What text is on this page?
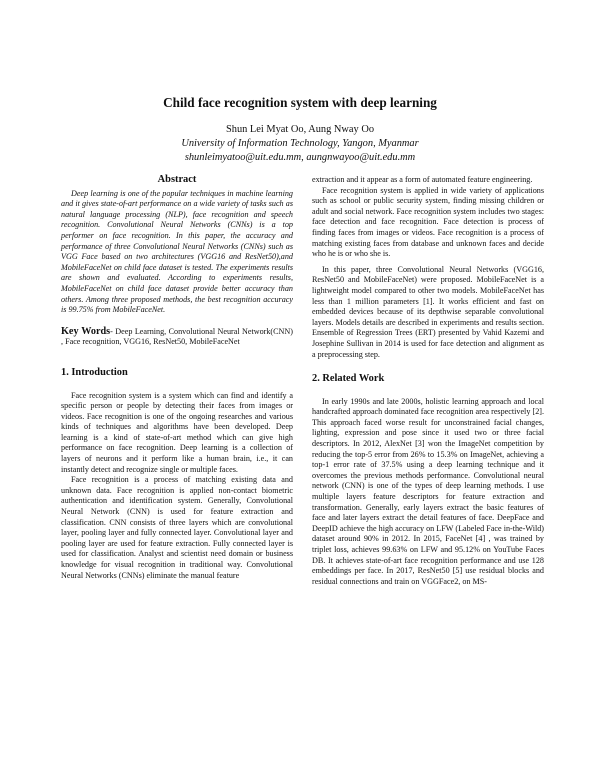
Child face recognition system with deep learning
Shun Lei Myat Oo, Aung Nway Oo
University of Information Technology, Yangon, Myanmar
shunleimyatoo@uit.edu.mm, aungnwayoo@uit.edu.mm
Abstract

Deep learning is one of the popular techniques in machine learning and it gives state-of-art performance on a wide variety of tasks such as natural language processing (NLP), face recognition and speech recognition. Convolutional Neural Networks (CNNs) is a top performer on face recognition. In this paper, the accuracy and performance of three Convolutional Neural Networks (CNNs) such as VGG Face based on two architectures (VGG16 and ResNet50),and MobileFaceNet on child face dataset is tested. The experiments results are shown and evaluated. According to experiments results, MobileFaceNet on child face dataset provide better accuracy than others. Among three proposed methods, the best recognition accuracy is 99.75% from MobileFaceNet.

Key Words- Deep Learning, Convolutional Neural Network(CNN) , Face recognition, VGG16, ResNet50, MobileFaceNet

1. Introduction

Face recognition system is a system which can find and identify a specific person or people by detecting their faces from images or videos. Face recognition is one of the ongoing researches and various kinds of techniques and algorithms have been developed. Deep learning is a kind of state-of-art method which can give high performance on face recognition. Deep learning is a collection of layers of neurons and it perform like a human brain, i.e., it can instantly detect and recognize single or multiple faces.

Face recognition is a process of matching existing data and unknown data. Face recognition is applied non-contact biometric authentication and identification system. Generally, Convolutional Neural Network (CNN) is used for feature extraction and classification. CNN consists of three layers which are convolutional layer, pooling layer and fully connected layer. Convolutional layer and pooling layer are used for feature extraction. Fully connected layer is used for classification. Analyst and scientist need domain or business knowledge for visual recognition in traditional way. Convolutional Neural Networks (CNNs) eliminate the manual feature

extraction and it appear as a form of automated feature engineering.

Face recognition system is applied in wide variety of applications such as school or public security system, finding missing children or adult and social network. Face recognition system includes two stages: face detection and face recognition. Face detection is process of finding faces from images or videos. Face recognition is a process of matching existing faces from database and unknown faces and decide who he is or who she is.

In this paper, three Convolutional Neural Networks (VGG16, ResNet50 and MobileFaceNet) were proposed. MobileFaceNet is a lightweight model compared to other two models. MobileFaceNet has less than 1 million parameters [1]. It works efficient and fast on embedded devices because of its depthwise separable convolutional layers. Models details are described in experiments and results section. Ensemble of Regression Trees (ERT) presented by Vahid Kazemi and Josephine Sullivan in 2014 is used for face detection and alignment as a preprocessing step.

2. Related Work

In early 1990s and late 2000s, holistic learning approach and local handcrafted approach dominated face recognition area respectively [2]. This approach faced worse result for unconstrained facial changes, lighting, expression and pose since it used two or three facial descriptors. In 2012, AlexNet [3] won the ImageNet competition by reducing the top-5 error from 26% to 15.3% on ImageNet, achieving a top-1 error rate of 37.5% using a deep learning technique and it overcomes the previous methods performance. Convolutional neural network (CNN) is one of the types of deep learning methods. I use multiple layers feature descriptors for feature extraction and transformation. Generally, early layers extract the basic features of face and later layers extract the detail features of face. DeepFace and DeepID achieve the high accuracy on LFW (Labeled Face in-the-Wild) dataset around 90% in 2012. In 2015, FaceNet [4] , was trained by triplet loss, achieves 99.63% on LFW and 95.12% on YouTube Faces DB. It achieves state-of-art face recognition performance and use 128 embeddings per face. In 2017, ResNet50 [5] use residual blocks and residual connections and train on VGGFace2, on MS-
